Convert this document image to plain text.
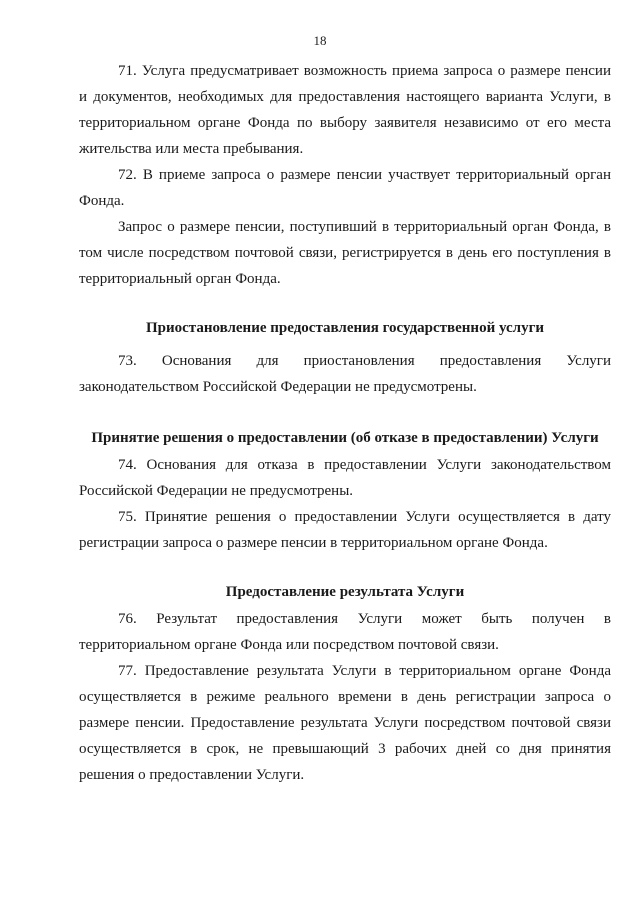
18
71. Услуга предусматривает возможность приема запроса о размере пенсии и документов, необходимых для предоставления настоящего варианта Услуги, в территориальном органе Фонда по выбору заявителя независимо от его места жительства или места пребывания.
72. В приеме запроса о размере пенсии участвует территориальный орган Фонда.
Запрос о размере пенсии, поступивший в территориальный орган Фонда, в том числе посредством почтовой связи, регистрируется в день его поступления в территориальный орган Фонда.
Приостановление предоставления государственной услуги
73. Основания для приостановления предоставления Услуги законодательством Российской Федерации не предусмотрены.
Принятие решения о предоставлении (об отказе в предоставлении) Услуги
74. Основания для отказа в предоставлении Услуги законодательством Российской Федерации не предусмотрены.
75. Принятие решения о предоставлении Услуги осуществляется в дату регистрации запроса о размере пенсии в территориальном органе Фонда.
Предоставление результата Услуги
76. Результат предоставления Услуги может быть получен в территориальном органе Фонда или посредством почтовой связи.
77. Предоставление результата Услуги в территориальном органе Фонда осуществляется в режиме реального времени в день регистрации запроса о размере пенсии. Предоставление результата Услуги посредством почтовой связи осуществляется в срок, не превышающий 3 рабочих дней со дня принятия решения о предоставлении Услуги.
